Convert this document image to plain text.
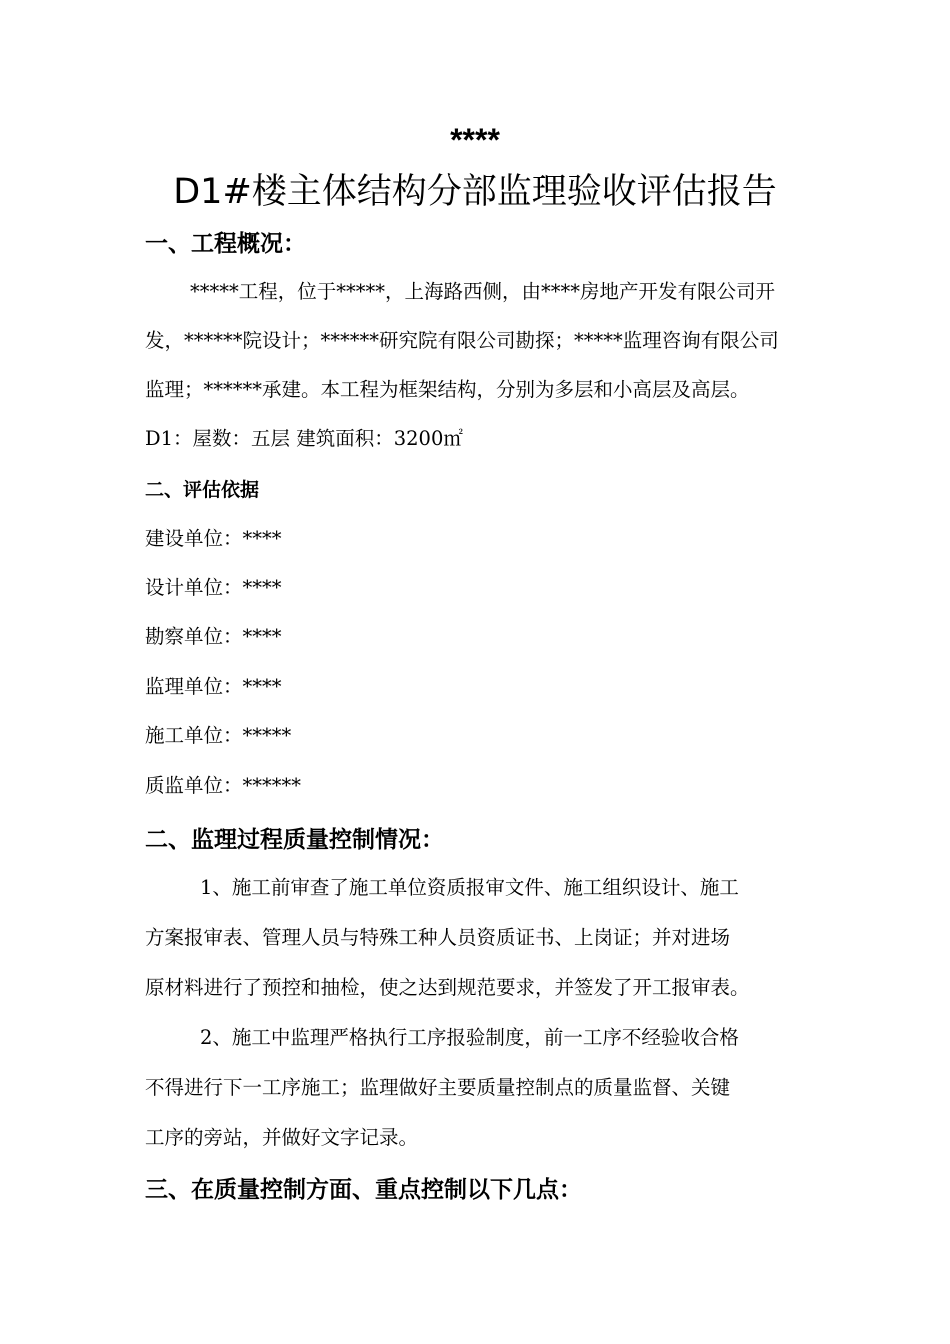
****
D1#楼主体结构分部监理验收评估报告
一、工程概况：
*****工程，位于*****，上海路西侧，由****房地产开发有限公司开
发，******院设计；******研究院有限公司勘探；*****监理咨询有限公司
监理；******承建。本工程为框架结构，分别为多层和小高层及高层。
D1：屋数：五层 建筑面积：3200㎡
二、评估依据
建设单位：****
设计单位：****
勘察单位：****
监理单位：****
施工单位：*****
质监单位：******
二、监理过程质量控制情况：
1、施工前审查了施工单位资质报审文件、施工组织设计、施工
方案报审表、管理人员与特殊工种人员资质证书、上岗证；并对进场
原材料进行了预控和抽检，使之达到规范要求，并签发了开工报审表。
2、施工中监理严格执行工序报验制度，前一工序不经验收合格
不得进行下一工序施工；监理做好主要质量控制点的质量监督、关键
工序的旁站，并做好文字记录。
三、在质量控制方面、重点控制以下几点：
